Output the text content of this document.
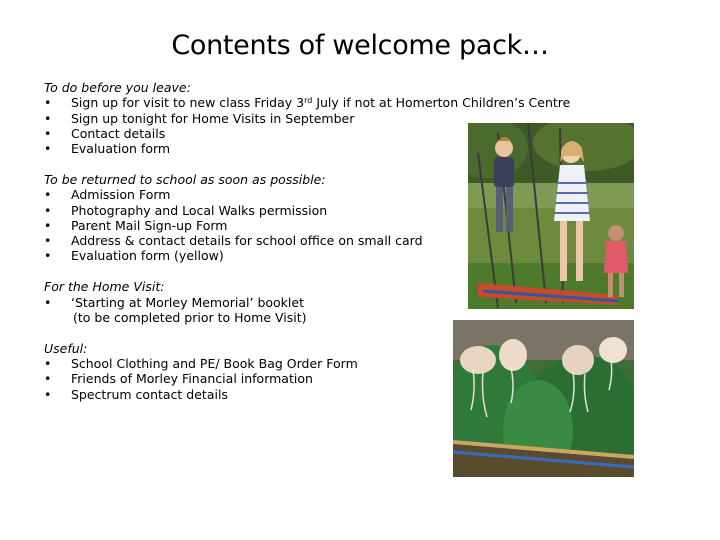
Contents of welcome pack…
To do before you leave:
• Sign up for visit to new class Friday 3rd July if not at Homerton Children’s Centre
• Sign up tonight for Home Visits in September
• Contact details
• Evaluation form
To be returned to school as soon as possible:
• Admission Form
• Photography and Local Walks permission
• Parent Mail Sign-up Form
• Address & contact details for school office on small card
• Evaluation form (yellow)
For the Home Visit:
• ‘Starting at Morley Memorial’ booklet
(to be completed prior to Home Visit)
Useful:
• School Clothing and PE/ Book Bag Order Form
• Friends of Morley Financial information
• Spectrum contact details
